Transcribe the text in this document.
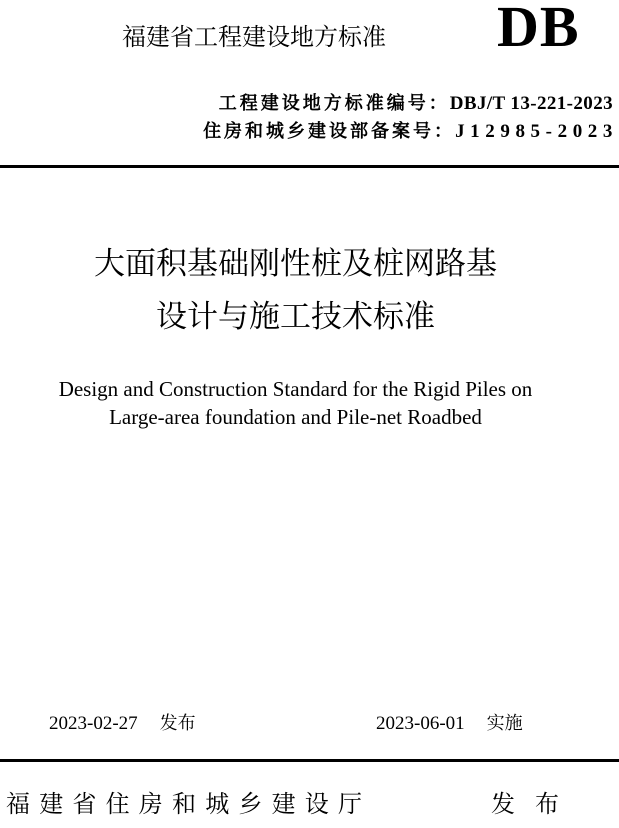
福建省工程建设地方标准 DB
工程建设地方标准编号： DBJ/T 13-221-2023
住房和城乡建设部备案号： J12985-2023
大面积基础刚性桩及桩网路基
设计与施工技术标准
Design and Construction Standard for the Rigid Piles on
Large-area foundation and Pile-net Roadbed
2023-02-27 发布	2023-06-01 实施
福建省住房和城乡建设厅	发布
